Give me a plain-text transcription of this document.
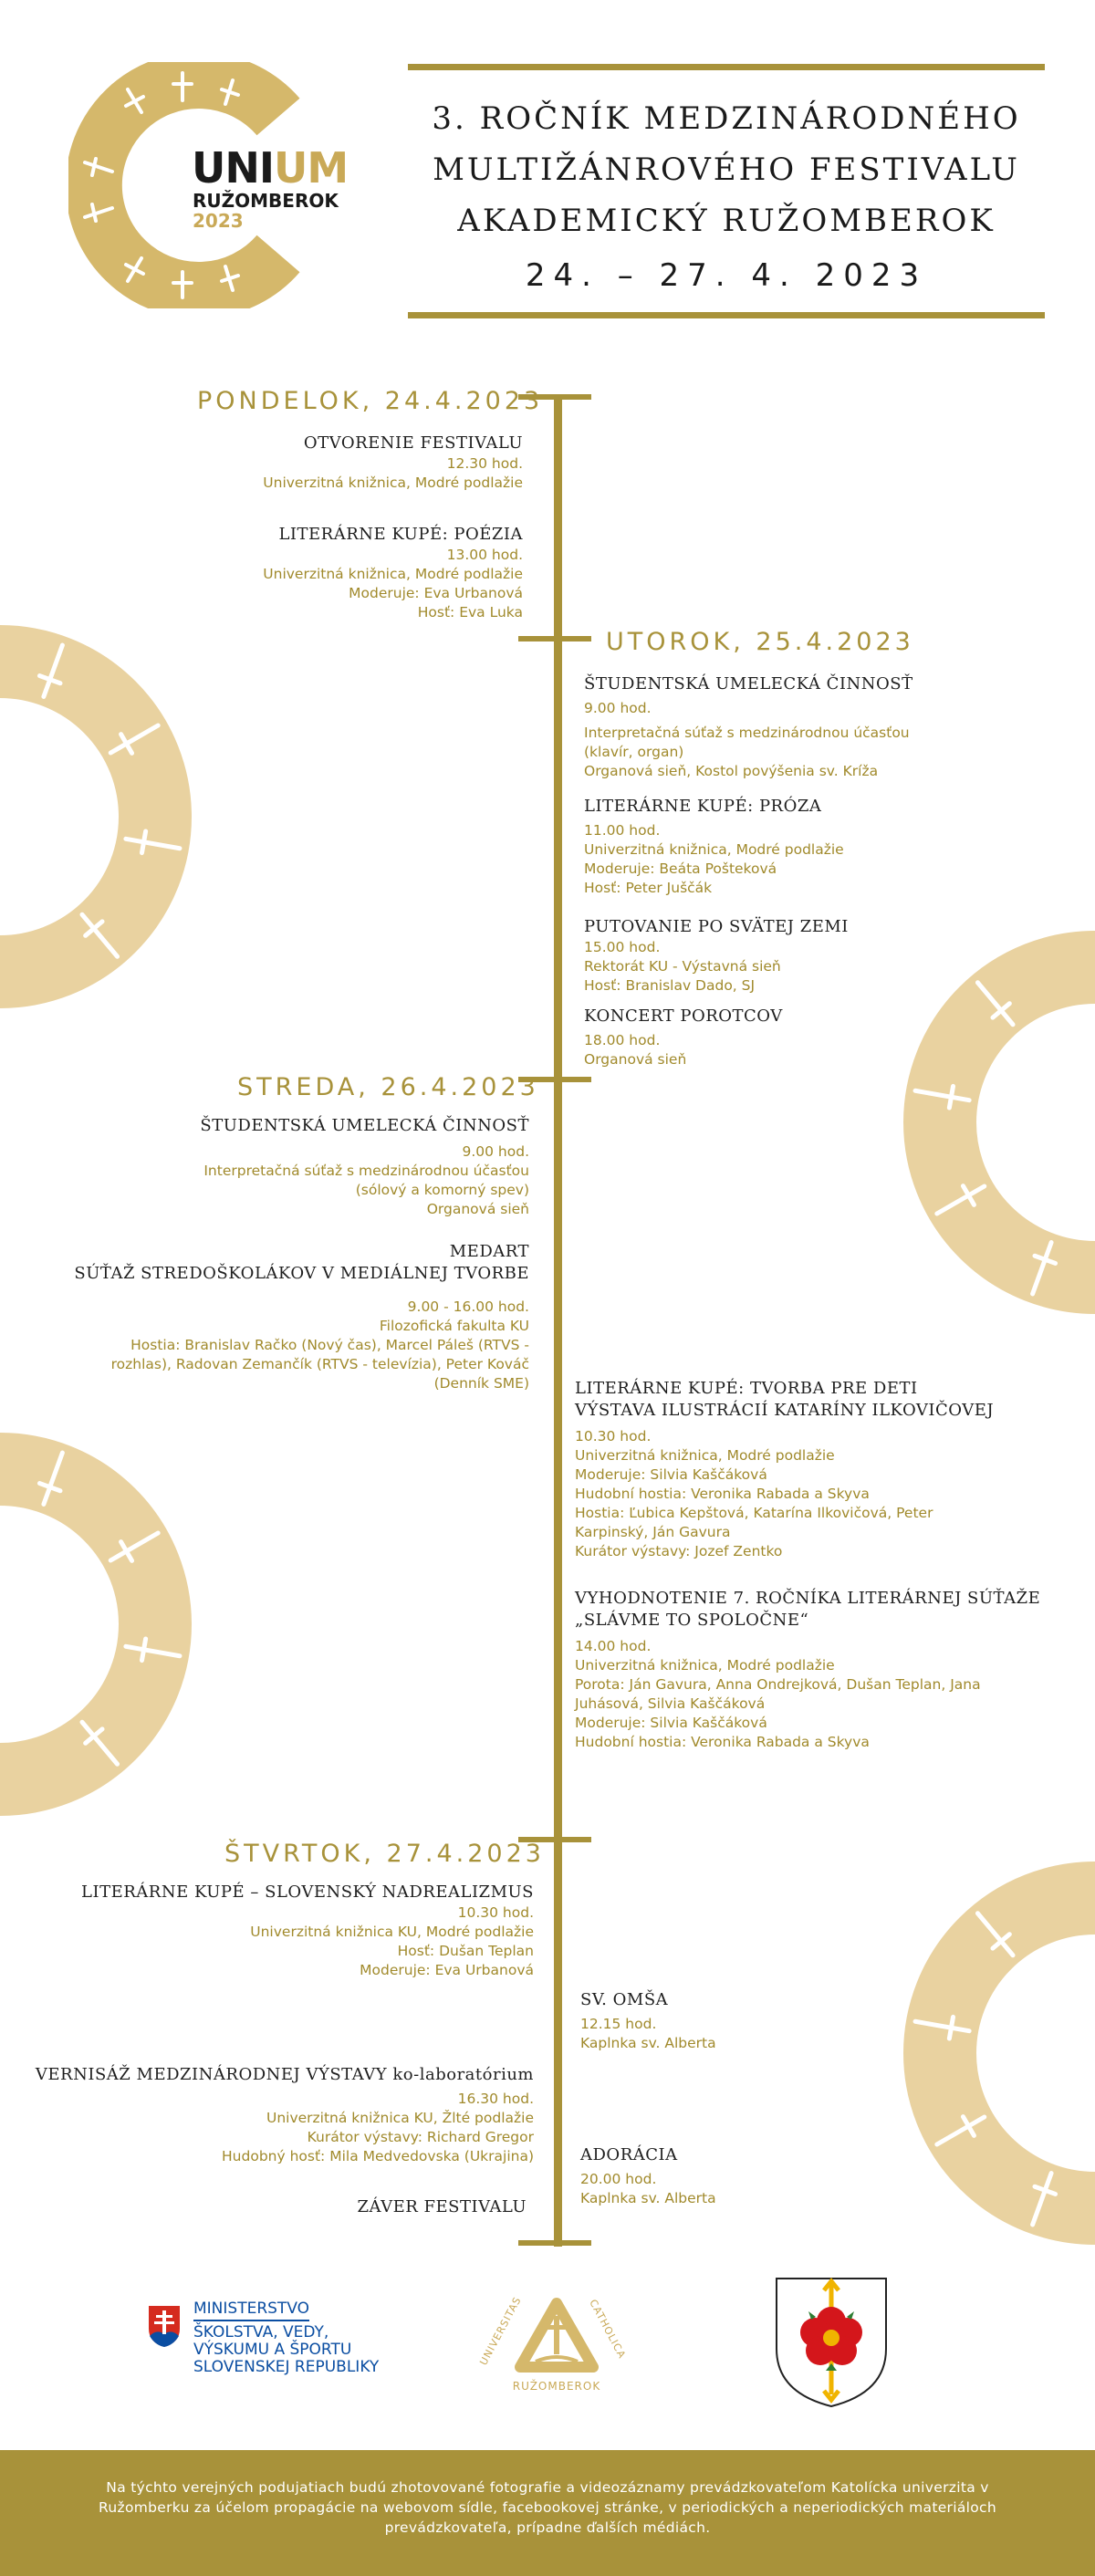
UNIUM
RUŽOMBEROK
2023
3. ROČNÍK MEDZINÁRODNÉHO
MULTIŽÁNROVÉHO FESTIVALU
AKADEMICKÝ RUŽOMBEROK
24. – 27. 4. 2023
PONDELOK, 24.4.2023
UTOROK, 25.4.2023
STREDA, 26.4.2023
ŠTVRTOK, 27.4.2023
OTVORENIE FESTIVALU
12.30 hod.
Univerzitná knižnica, Modré podlažie
LITERÁRNE KUPÉ: POÉZIA
13.00 hod.
Univerzitná knižnica, Modré podlažie
Moderuje: Eva Urbanová
Hosť: Eva Luka
ŠTUDENTSKÁ UMELECKÁ ČINNOSŤ
9.00 hod.
Interpretačná súťaž s medzinárodnou účasťou
(klavír, organ)
Organová sieň, Kostol povýšenia sv. Kríža
LITERÁRNE KUPÉ: PRÓZA
11.00 hod.
Univerzitná knižnica, Modré podlažie
Moderuje: Beáta Pošteková
Hosť: Peter Juščák
PUTOVANIE PO SVÄTEJ ZEMI
15.00 hod.
Rektorát KU - Výstavná sieň
Hosť: Branislav Dado, SJ
KONCERT POROTCOV
18.00 hod.
Organová sieň
ŠTUDENTSKÁ UMELECKÁ ČINNOSŤ
9.00 hod.
Interpretačná súťaž s medzinárodnou účasťou
(sólový a komorný spev)
Organová sieň
MEDART
SÚŤAŽ STREDOŠKOLÁKOV V MEDIÁLNEJ TVORBE
9.00 - 16.00 hod.
Filozofická fakulta KU
Hostia: Branislav Račko (Nový čas), Marcel Páleš (RTVS -
rozhlas), Radovan Zemančík (RTVS - televízia), Peter Kováč
(Denník SME)	LITERÁRNE KUPÉ: TVORBA PRE DETI
VÝSTAVA ILUSTRÁCIÍ KATARÍNY ILKOVIČOVEJ
10.30 hod.
Univerzitná knižnica, Modré podlažie
Moderuje: Silvia Kaščáková
Hudobní hostia: Veronika Rabada a Skyva
Hostia: Ľubica Kepštová, Katarína Ilkovičová, Peter
Karpinský, Ján Gavura
Kurátor výstavy: Jozef Zentko
VYHODNOTENIE 7. ROČNÍKA LITERÁRNEJ SÚŤAŽE
„SLÁVME TO SPOLOČNE“
14.00 hod.
Univerzitná knižnica, Modré podlažie
Porota: Ján Gavura, Anna Ondrejková, Dušan Teplan, Jana
Juhásová, Silvia Kaščáková
Moderuje: Silvia Kaščáková
Hudobní hostia: Veronika Rabada a Skyva
LITERÁRNE KUPÉ – SLOVENSKÝ NADREALIZMUS
10.30 hod.
Univerzitná knižnica KU, Modré podlažie
Hosť: Dušan Teplan
Moderuje: Eva Urbanová
SV. OMŠA
12.15 hod.
Kaplnka sv. Alberta
VERNISÁŽ MEDZINÁRODNEJ VÝSTAVY ko-laboratórium
16.30 hod.
Univerzitná knižnica KU, Žlté podlažie
Kurátor výstavy: Richard Gregor
Hudobný hosť: Mila Medvedovska (Ukrajina)	ADORÁCIA
20.00 hod.
Kaplnka sv. Alberta
ZÁVER FESTIVALU
MINISTERSTVO
ŠKOLSTVA, VEDY,
VÝSKUMU A ŠPORTU
SLOVENSKEJ REPUBLIKY	UNIVERSITAS	CATHOLICA
RUŽOMBEROK

Na týchto verejných podujatiach budú zhotovované fotografie a videozáznamy prevádzkovateľom Katolícka univerzita v Ružomberku za účelom propagácie na webovom sídle, facebookovej stránke, v periodických a neperiodických materiáloch prevádzkovateľa, prípadne ďalších médiách.
